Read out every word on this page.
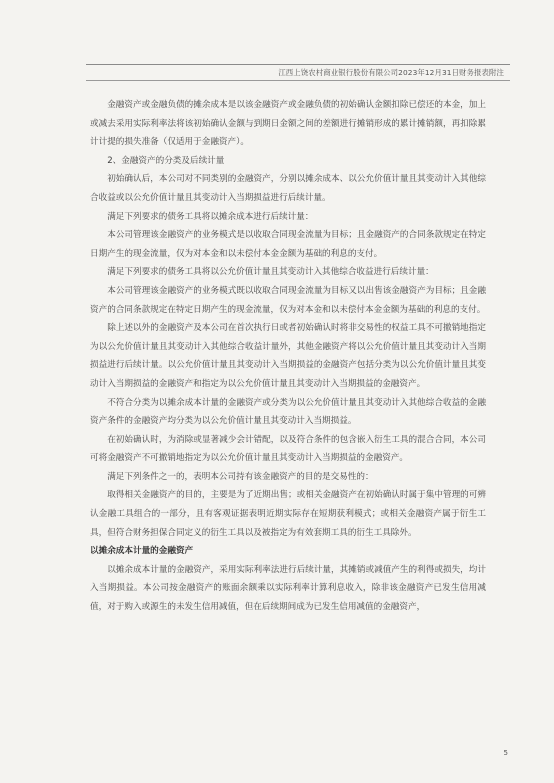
江西上饶农村商业银行股份有限公司2023年12月31日财务报表附注

金融资产或金融负债的摊余成本是以该金融资产或金融负债的初始确认金额扣除已偿还的本金，加上或减去采用实际利率法将该初始确认金额与到期日金额之间的差额进行摊销形成的累计摊销额，再扣除累计计提的损失准备（仅适用于金融资产）。

2、金融资产的分类及后续计量

初始确认后，本公司对不同类别的金融资产，分别以摊余成本、以公允价值计量且其变动计入其他综合收益或以公允价值计量且其变动计入当期损益进行后续计量。

满足下列要求的债务工具将以摊余成本进行后续计量：

本公司管理该金融资产的业务模式是以收取合同现金流量为目标；且金融资产的合同条款规定在特定日期产生的现金流量，仅为对本金和以未偿付本金金额为基础的利息的支付。

满足下列要求的债务工具将以公允价值计量且其变动计入其他综合收益进行后续计量：

本公司管理该金融资产的业务模式既以收取合同现金流量为目标又以出售该金融资产为目标；且金融资产的合同条款规定在特定日期产生的现金流量，仅为对本金和以未偿付本金金额为基础的利息的支付。

除上述以外的金融资产及本公司在首次执行日或者初始确认时将非交易性的权益工具不可撤销地指定为以公允价值计量且其变动计入其他综合收益计量外，其他金融资产将以公允价值计量且其变动计入当期损益进行后续计量。以公允价值计量且其变动计入当期损益的金融资产包括分类为以公允价值计量且其变动计入当期损益的金融资产和指定为以公允价值计量且其变动计入当期损益的金融资产。

不符合分类为以摊余成本计量的金融资产或分类为以公允价值计量且其变动计入其他综合收益的金融资产条件的金融资产均分类为以公允价值计量且其变动计入当期损益。

在初始确认时，为消除或显著减少会计错配，以及符合条件的包含嵌入衍生工具的混合合同，本公司可将金融资产不可撤销地指定为以公允价值计量且其变动计入当期损益的金融资产。

满足下列条件之一的，表明本公司持有该金融资产的目的是交易性的：

取得相关金融资产的目的，主要是为了近期出售；或相关金融资产在初始确认时属于集中管理的可辨认金融工具组合的一部分，且有客观证据表明近期实际存在短期获利模式；或相关金融资产属于衍生工具，但符合财务担保合同定义的衍生工具以及被指定为有效套期工具的衍生工具除外。

以摊余成本计量的金融资产

以摊余成本计量的金融资产，采用实际利率法进行后续计量，其摊销或减值产生的利得或损失，均计入当期损益。本公司按金融资产的账面余额乘以实际利率计算利息收入，除非该金融资产已发生信用减值，对于购入或源生的未发生信用减值，但在后续期间成为已发生信用减值的金融资产，

5
